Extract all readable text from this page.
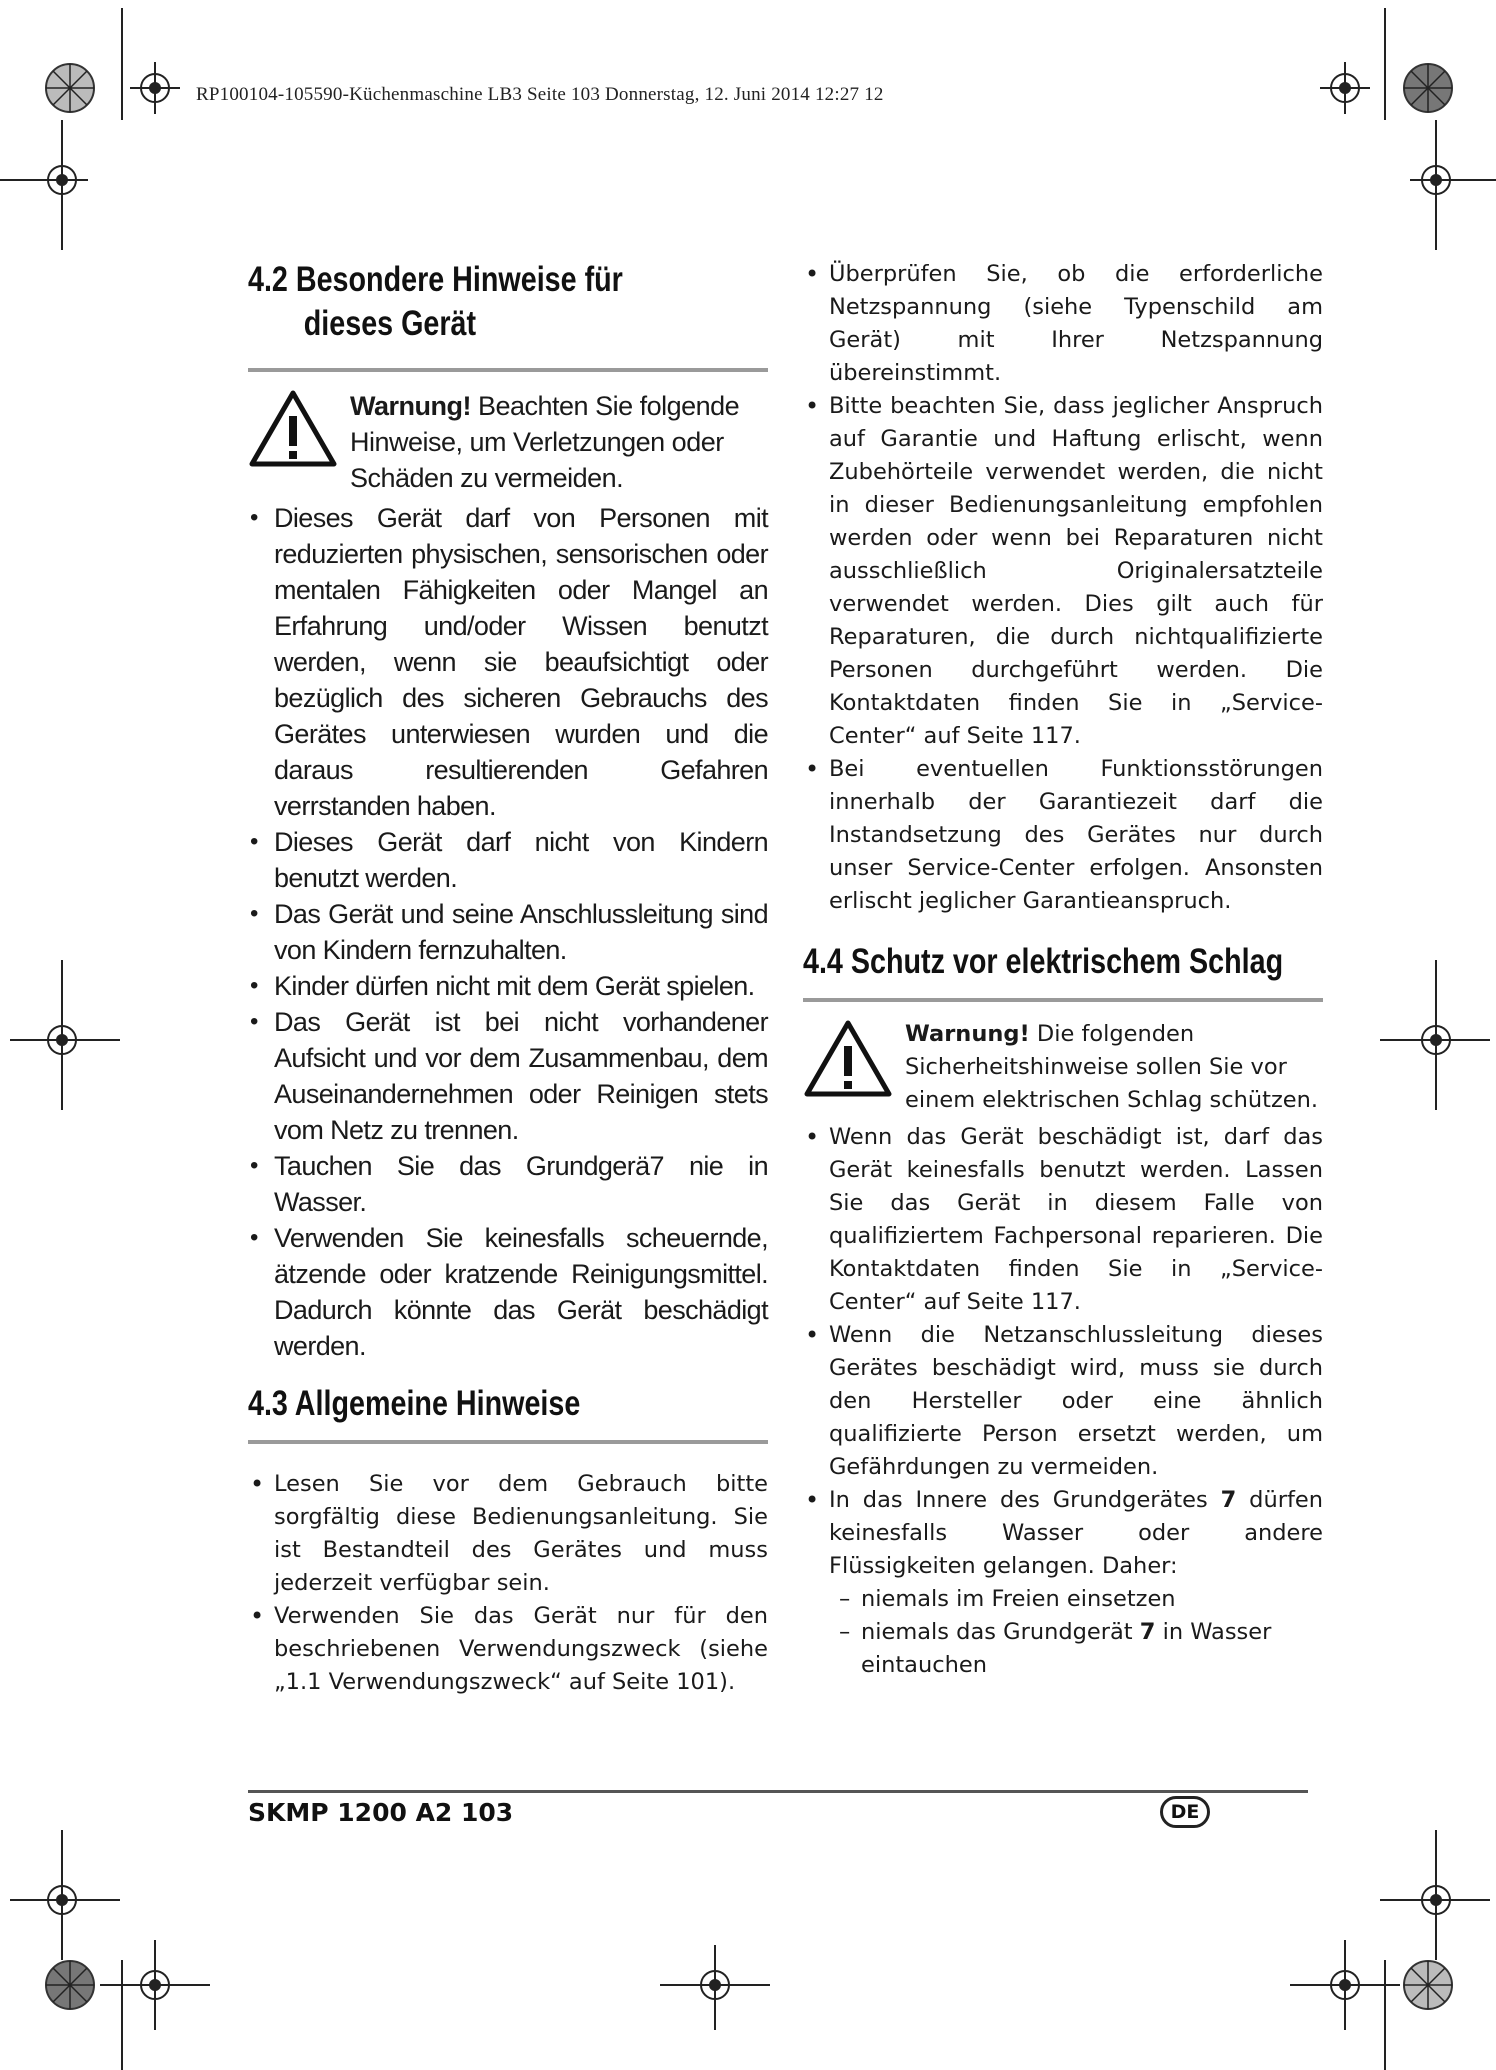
RP100104-105590-Küchenmaschine LB3 Seite 103 Donnerstag, 12. Juni 2014 12:27 12
4.2 Besondere Hinweise für
dieses Gerät
Warnung! Beachten Sie folgende Hinweise, um Verletzungen oder Schäden zu vermeiden.
• Dieses Gerät darf von Personen mit reduzierten physischen, sensorischen oder mentalen Fähigkeiten oder Mangel an Erfahrung und/oder Wissen benutzt werden, wenn sie beaufsichtigt oder bezüglich des sicheren Gebrauchs des Gerätes unterwiesen wurden und die daraus resultierenden Gefahren verrstanden haben.
• Dieses Gerät darf nicht von Kindern benutzt werden.
• Das Gerät und seine Anschlussleitung sind von Kindern fernzuhalten.
• Kinder dürfen nicht mit dem Gerät spielen.
• Das Gerät ist bei nicht vorhandener Aufsicht und vor dem Zusammenbau, dem Auseinandernehmen oder Reinigen stets vom Netz zu trennen.
• Tauchen Sie das Grundgerä7 nie in Wasser.
• Verwenden Sie keinesfalls scheuernde, ätzende oder kratzende Reinigungsmittel. Dadurch könnte das Gerät beschädigt werden.
4.3 Allgemeine Hinweise
• Lesen Sie vor dem Gebrauch bitte sorgfältig diese Bedienungsanleitung. Sie ist Bestandteil des Gerätes und muss jederzeit verfügbar sein.
• Verwenden Sie das Gerät nur für den beschriebenen Verwendungszweck (siehe „1.1 Verwendungszweck“ auf Seite 101).
• Überprüfen Sie, ob die erforderliche Netzspannung (siehe Typenschild am Gerät) mit Ihrer Netzspannung übereinstimmt.
• Bitte beachten Sie, dass jeglicher Anspruch auf Garantie und Haftung erlischt, wenn Zubehörteile verwendet werden, die nicht in dieser Bedienungsanleitung empfohlen werden oder wenn bei Reparaturen nicht ausschließlich Originalersatzteile verwendet werden. Dies gilt auch für Reparaturen, die durch nichtqualifizierte Personen durchgeführt werden. Die Kontaktdaten finden Sie in „Service-Center“ auf Seite 117.
• Bei eventuellen Funktionsstörungen innerhalb der Garantiezeit darf die Instandsetzung des Gerätes nur durch unser Service-Center erfolgen. Ansonsten erlischt jeglicher Garantieanspruch.
4.4 Schutz vor elektrischem Schlag
Warnung! Die folgenden Sicherheitshinweise sollen Sie vor einem elektrischen Schlag schützen.
• Wenn das Gerät beschädigt ist, darf das Gerät keinesfalls benutzt werden. Lassen Sie das Gerät in diesem Falle von qualifiziertem Fachpersonal reparieren. Die Kontaktdaten finden Sie in „Service-Center“ auf Seite 117.
• Wenn die Netzanschlussleitung dieses Gerätes beschädigt wird, muss sie durch den Hersteller oder eine ähnlich qualifizierte Person ersetzt werden, um Gefährdungen zu vermeiden.
• In das Innere des Grundgerätes 7 dürfen keinesfalls Wasser oder andere Flüssigkeiten gelangen. Daher:
– niemals im Freien einsetzen
– niemals das Grundgerät 7 in Wasser eintauchen
SKMP 1200 A2 103	DE
